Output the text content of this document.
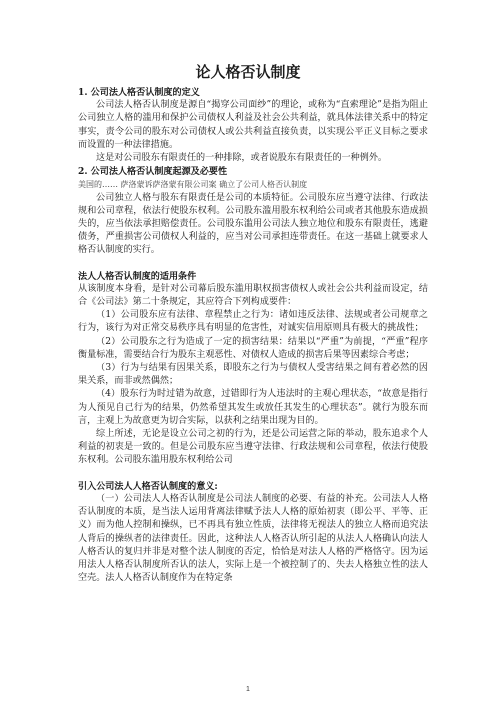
论人格否认制度

1. 公司法人格否认制度的定义

公司法人格否认制度是源自“揭穿公司面纱”的理论，或称为“直索理论”是指为阻止公司独立人格的滥用和保护公司债权人利益及社会公共利益，就具体法律关系中的特定事实，责令公司的股东对公司债权人或公共利益直接负责，以实现公平正义目标之要求而设置的一种法律措施。

这是对公司股东有限责任的一种排除，或者说股东有限责任的一种例外。

2. 公司法人格否认制度起源及必要性

美国的…… 萨洛蒙诉萨洛蒙有限公司案 确立了公司人格否认制度

公司独立人格与股东有限责任是公司的本质特征。公司股东应当遵守法律、行政法规和公司章程，依法行使股东权利。公司股东滥用股东权利给公司或者其他股东造成损失的，应当依法承担赔偿责任。公司股东滥用公司法人独立地位和股东有限责任，逃避债务，严重损害公司债权人利益的，应当对公司承担连带责任。在这一基础上就要求人格否认制度的实行。

法人人格否认制度的适用条件

从该制度本身看，是针对公司幕后股东滥用职权损害债权人或社会公共利益而设定，结合《公司法》第二十条规定，其应符合下列构成要件：

（1）公司股东应有法律、章程禁止之行为：诸如违反法律、法规或者公司规章之行为，该行为对正常交易秩序具有明显的危害性，对诚实信用原则具有极大的挑战性；

（2）公司股东之行为造成了一定的损害结果：结果以“严重”为前提，“严重”程序衡量标准，需要结合行为股东主观恶性、对债权人造成的损害后果等因素综合考虑；

（3）行为与结果有因果关系，即股东之行为与债权人受害结果之间有着必然的因果关系，而非或然偶然；

（4）股东行为时过错为故意，过错即行为人违法时的主观心理状态，“故意是指行为人预见自己行为的结果，仍然希望其发生或放任其发生的心理状态”。就行为股东而言，主观上为故意更为切合实际，以获利之结果出现为目的。

综上所述，无论是设立公司之初的行为，还是公司运营之际的举动，股东追求个人利益的初衷是一致的。但是公司股东应当遵守法律、行政法规和公司章程，依法行使股东权利。公司股东滥用股东权利给公司

引入公司法人人格否认制度的意义:

（一）公司法人人格否认制度是公司法人制度的必要、有益的补充。公司法人人格否认制度的本质，是当法人运用背离法律赋予法人人格的原始初衷（即公平、平等、正义）而为他人控制和操纵，已不再具有独立性质，法律将无视法人的独立人格而追究法人背后的操纵者的法律责任。因此，这种法人人格否认所引起的从法人人格确认向法人人格否认的复归并非是对整个法人制度的否定，恰恰是对法人人格的严格恪守。因为运用法人人格否认制度所否认的法人，实际上是一个被控制了的、失去人格独立性的法人空壳。法人人格否认制度作为在特定条

1
